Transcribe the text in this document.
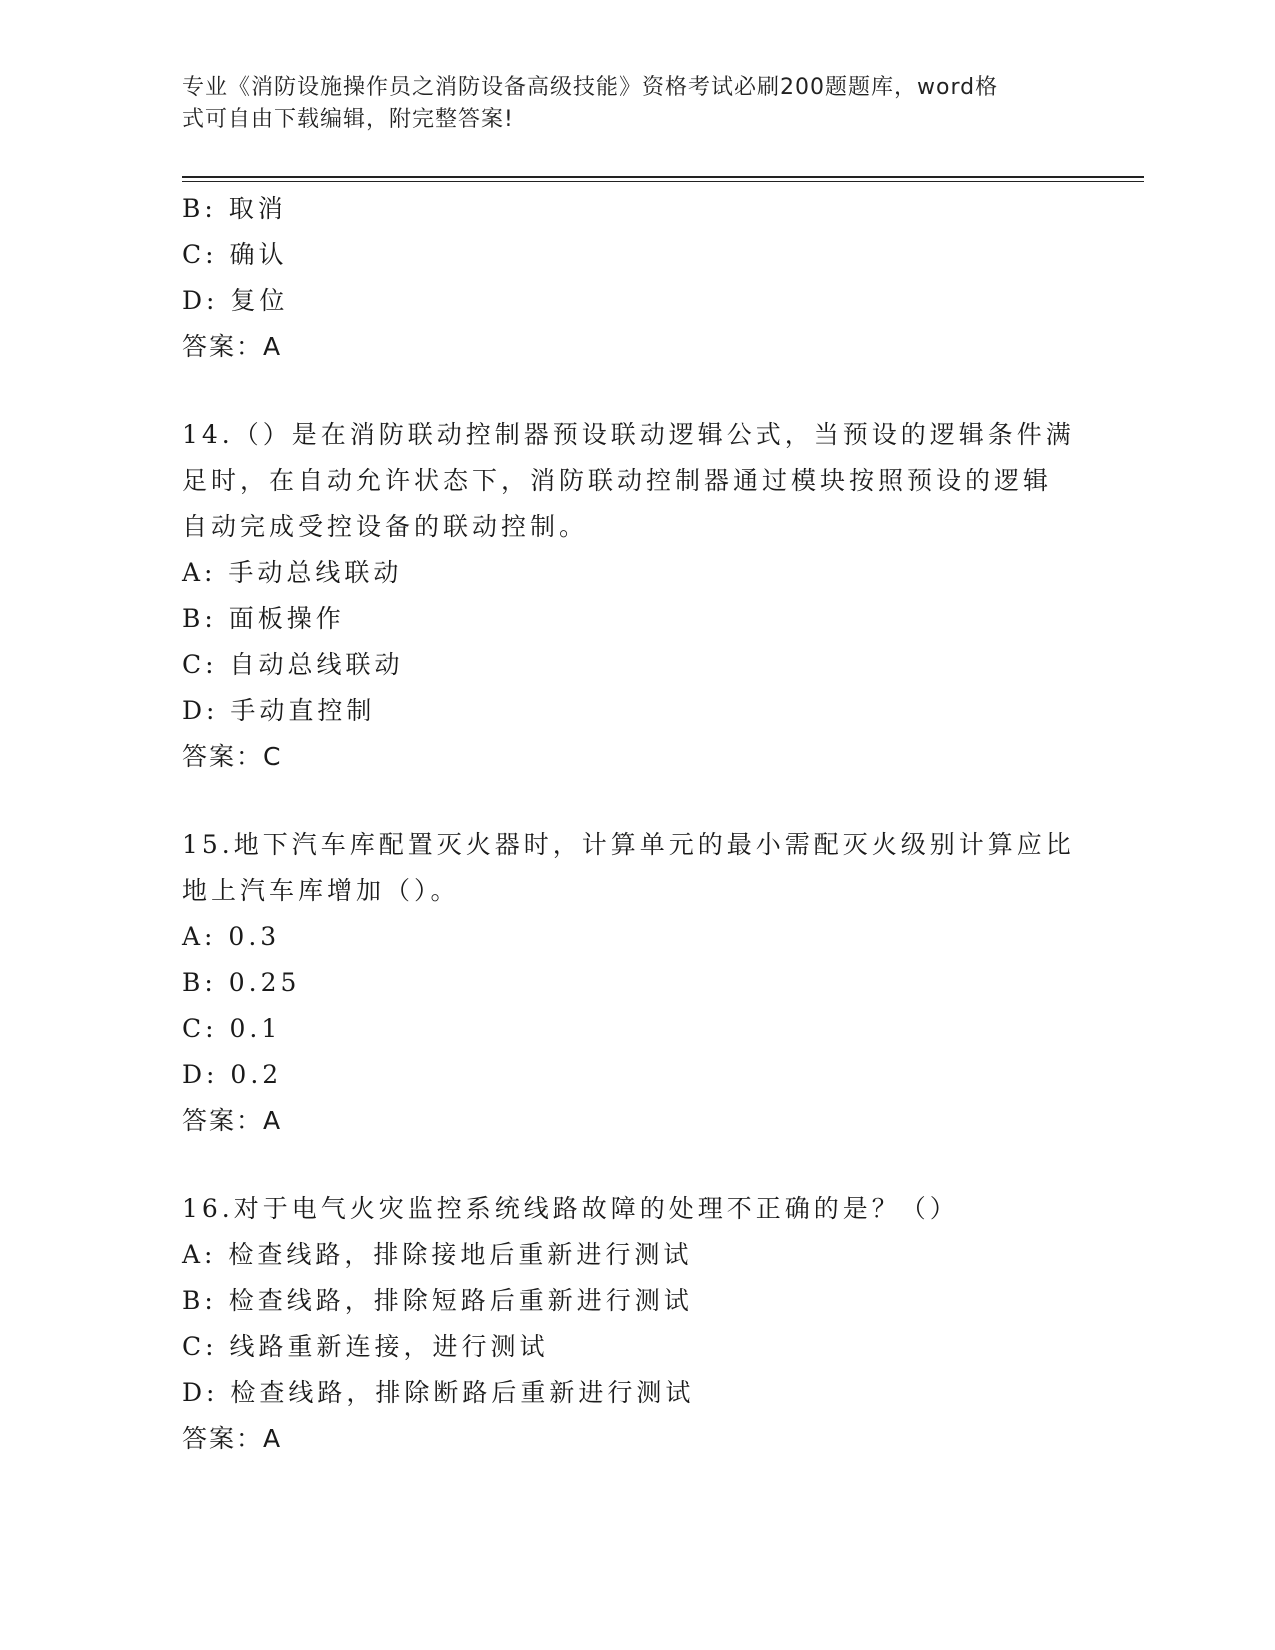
专业《消防设施操作员之消防设备高级技能》资格考试必刷200题题库，word格
式可自由下载编辑，附完整答案!
B: 取消
C: 确认
D: 复位
答案：A
14.（）是在消防联动控制器预设联动逻辑公式，当预设的逻辑条件满
足时，在自动允许状态下，消防联动控制器通过模块按照预设的逻辑
自动完成受控设备的联动控制。
A: 手动总线联动
B: 面板操作
C: 自动总线联动
D: 手动直控制
答案：C
15.地下汽车库配置灭火器时，计算单元的最小需配灭火级别计算应比
地上汽车库增加（）。
A: 0.3
B: 0.25
C: 0.1
D: 0.2
答案：A
16.对于电气火灾监控系统线路故障的处理不正确的是？（）
A: 检查线路，排除接地后重新进行测试
B: 检查线路，排除短路后重新进行测试
C: 线路重新连接，进行测试
D: 检查线路，排除断路后重新进行测试
答案：A
